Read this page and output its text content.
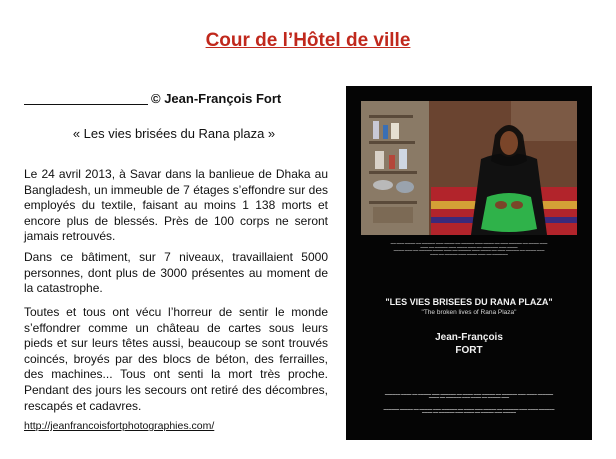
Cour de l’Hôtel de ville
© Jean-François Fort
« Les vies brisées du Rana plaza »

Le 24 avril 2013, à Savar dans la banlieue de Dhaka au Bangladesh, un immeuble de 7 étages s’effondre sur des employés du textile, faisant au moins 1 138 morts et encore plus de blessés. Près de 100 corps ne seront jamais retrouvés.

Dans ce bâtiment, sur 7 niveaux, travaillaient 5000 personnes, dont plus de 3000 présentes au moment de la catastrophe.

Toutes et tous ont vécu l’horreur de sentir le monde s’effondrer comme un château de cartes sous leurs pieds et sur leurs têtes aussi, beaucoup se sont trouvés coincés, broyés par des blocs de béton, des ferrailles, des machines... Tous ont senti la mort très proche. Pendant des jours les secours ont retiré des décombres, rescapés et cadavres.

http://jeanfrancoisfortphotographies.com/
▬▬ ▬▬▬ ▬▬▬▬ ▬▬ ▬▬▬▬▬ ▬▬▬ ▬▬▬▬ ▬▬ ▬▬▬▬▬ ▬▬▬ ▬▬▬▬ ▬▬ ▬▬▬ ▬▬▬▬▬ ▬▬ ▬▬▬▬ ▬▬▬
▬▬▬ ▬▬ ▬▬▬▬▬ ▬▬▬ ▬▬▬▬ ▬▬▬ ▬▬ ▬▬▬▬▬▬ ▬▬▬ ▬▬▬▬
▬▬▬▬ ▬▬▬ ▬▬ ▬▬▬▬▬ ▬▬▬▬ ▬▬▬ ▬▬ ▬▬▬▬▬ ▬▬▬ ▬▬▬▬ ▬▬ ▬▬▬ ▬▬▬▬▬ ▬▬ ▬▬▬▬ ▬▬▬
▬▬▬ ▬▬ ▬▬▬▬▬ ▬▬▬ ▬▬▬▬ ▬▬▬ ▬▬ ▬▬▬▬▬▬
"LES VIES BRISEES DU RANA PLAZA"
"The broken lives of Rana Plaza"
Jean-François
FORT
▬▬▬▬▬▬ ▬▬▬▬ ▬▬ ▬▬▬▬▬ ▬▬▬ ▬▬▬▬▬▬ ▬▬ ▬▬▬▬ ▬▬▬ ▬▬▬▬▬ ▬▬ ▬▬▬▬▬▬ ▬▬▬ ▬▬▬▬ ▬▬▬▬▬▬
▬▬▬▬ ▬▬ ▬▬▬▬▬▬ ▬▬▬ ▬▬▬▬ ▬▬ ▬▬▬▬▬ ▬▬▬
▬▬▬▬▬▬ ▬▬▬▬▬ ▬▬ ▬▬▬▬▬ ▬▬▬ ▬▬▬▬▬▬ ▬▬ ▬▬▬▬ ▬▬▬ ▬▬▬▬▬ ▬▬ ▬▬▬▬▬▬ ▬▬▬ ▬▬▬▬ ▬▬▬▬▬▬
▬▬▬▬ ▬▬ ▬▬▬▬▬▬ ▬▬▬ ▬▬▬▬ ▬▬ ▬▬▬▬▬ ▬▬▬ ▬▬▬▬▬
